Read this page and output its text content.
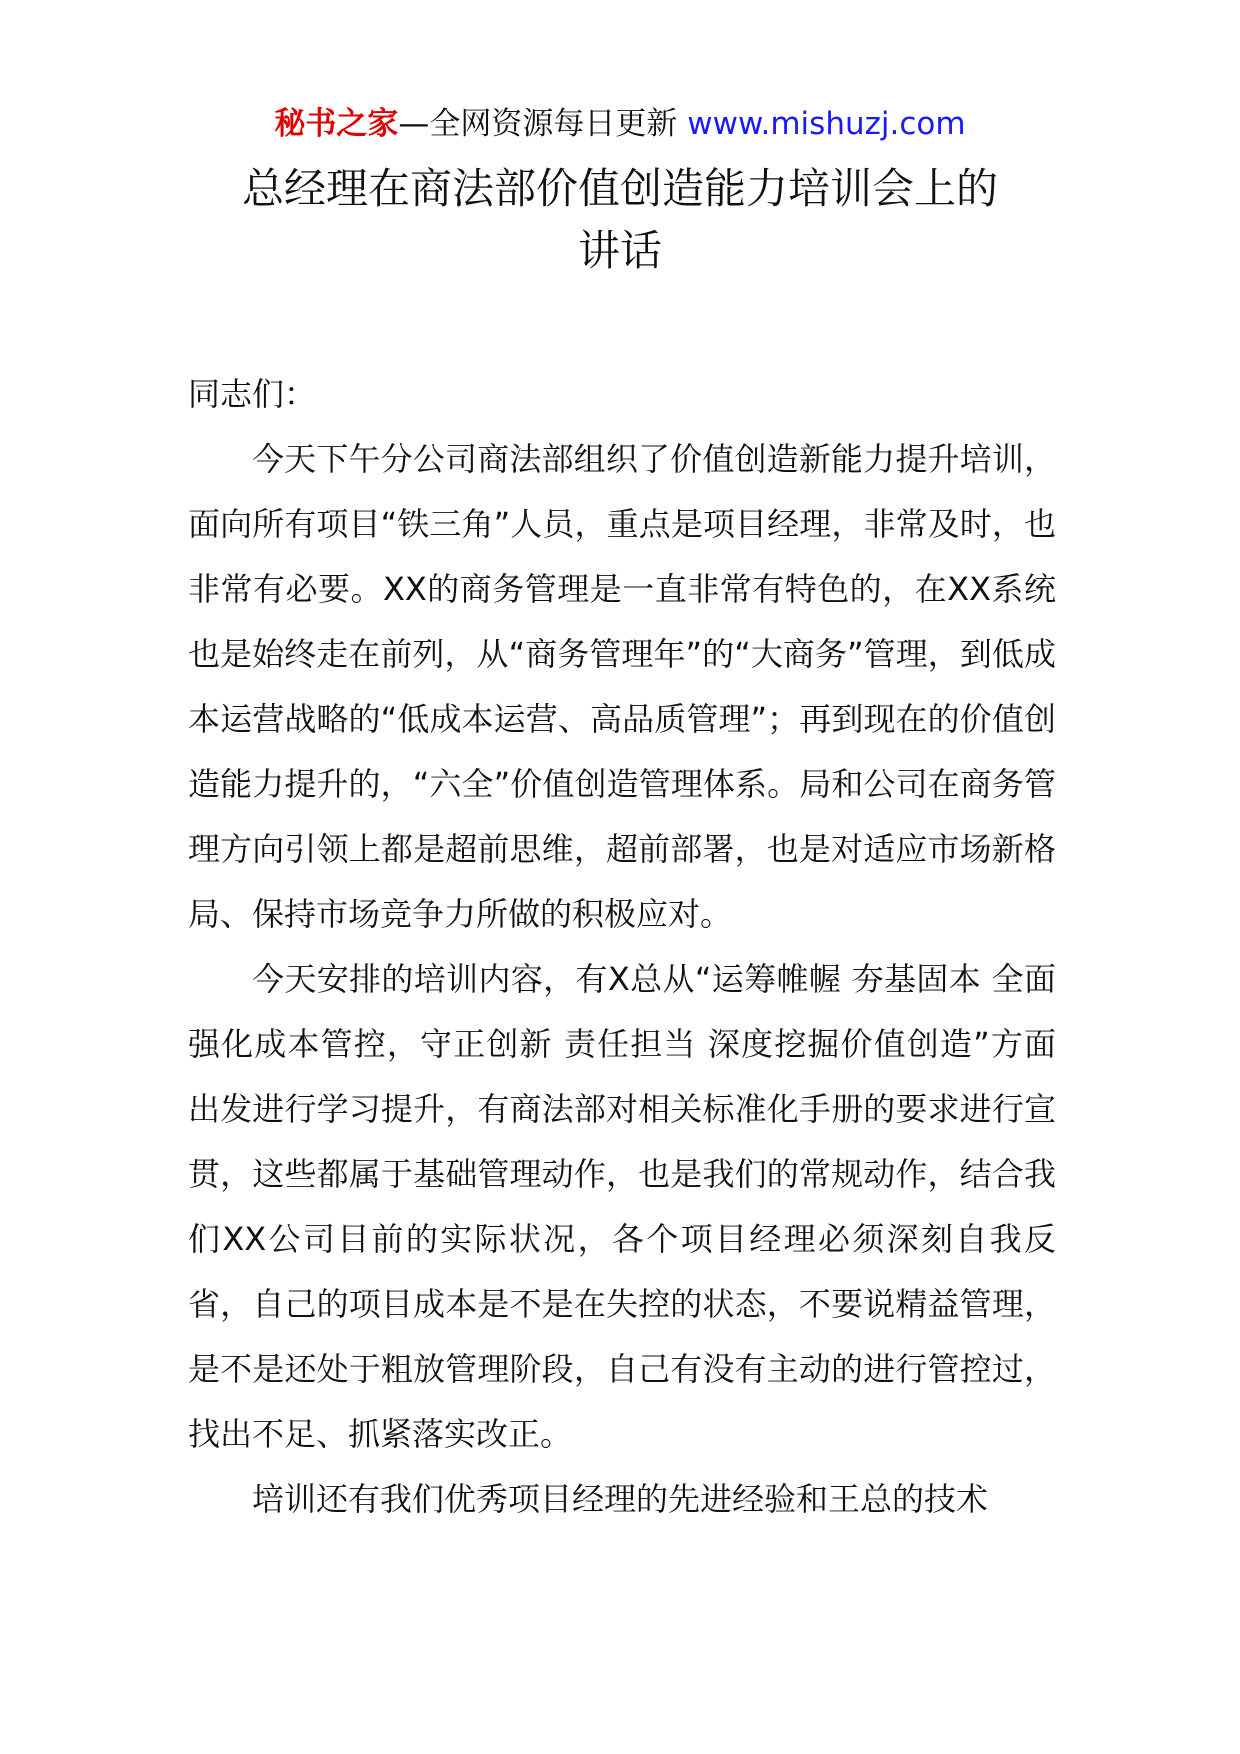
秘书之家—全网资源每日更新 www.mishuzj.com
总经理在商法部价值创造能力培训会上的
讲话

同志们：

今天下午分公司商法部组织了价值创造新能力提升培训，面向所有项目“铁三角”人员，重点是项目经理，非常及时，也非常有必要。XX的商务管理是一直非常有特色的，在XX系统也是始终走在前列，从“商务管理年”的“大商务”管理，到低成本运营战略的“低成本运营、高品质管理”；再到现在的价值创造能力提升的，“六全”价值创造管理体系。局和公司在商务管理方向引领上都是超前思维，超前部署，也是对适应市场新格局、保持市场竞争力所做的积极应对。

今天安排的培训内容，有X总从“运筹帷幄 夯基固本 全面强化成本管控，守正创新 责任担当 深度挖掘价值创造”方面出发进行学习提升，有商法部对相关标准化手册的要求进行宣贯，这些都属于基础管理动作，也是我们的常规动作，结合我们XX公司目前的实际状况，各个项目经理必须深刻自我反省，自己的项目成本是不是在失控的状态，不要说精益管理，是不是还处于粗放管理阶段，自己有没有主动的进行管控过，找出不足、抓紧落实改正。

培训还有我们优秀项目经理的先进经验和王总的技术
